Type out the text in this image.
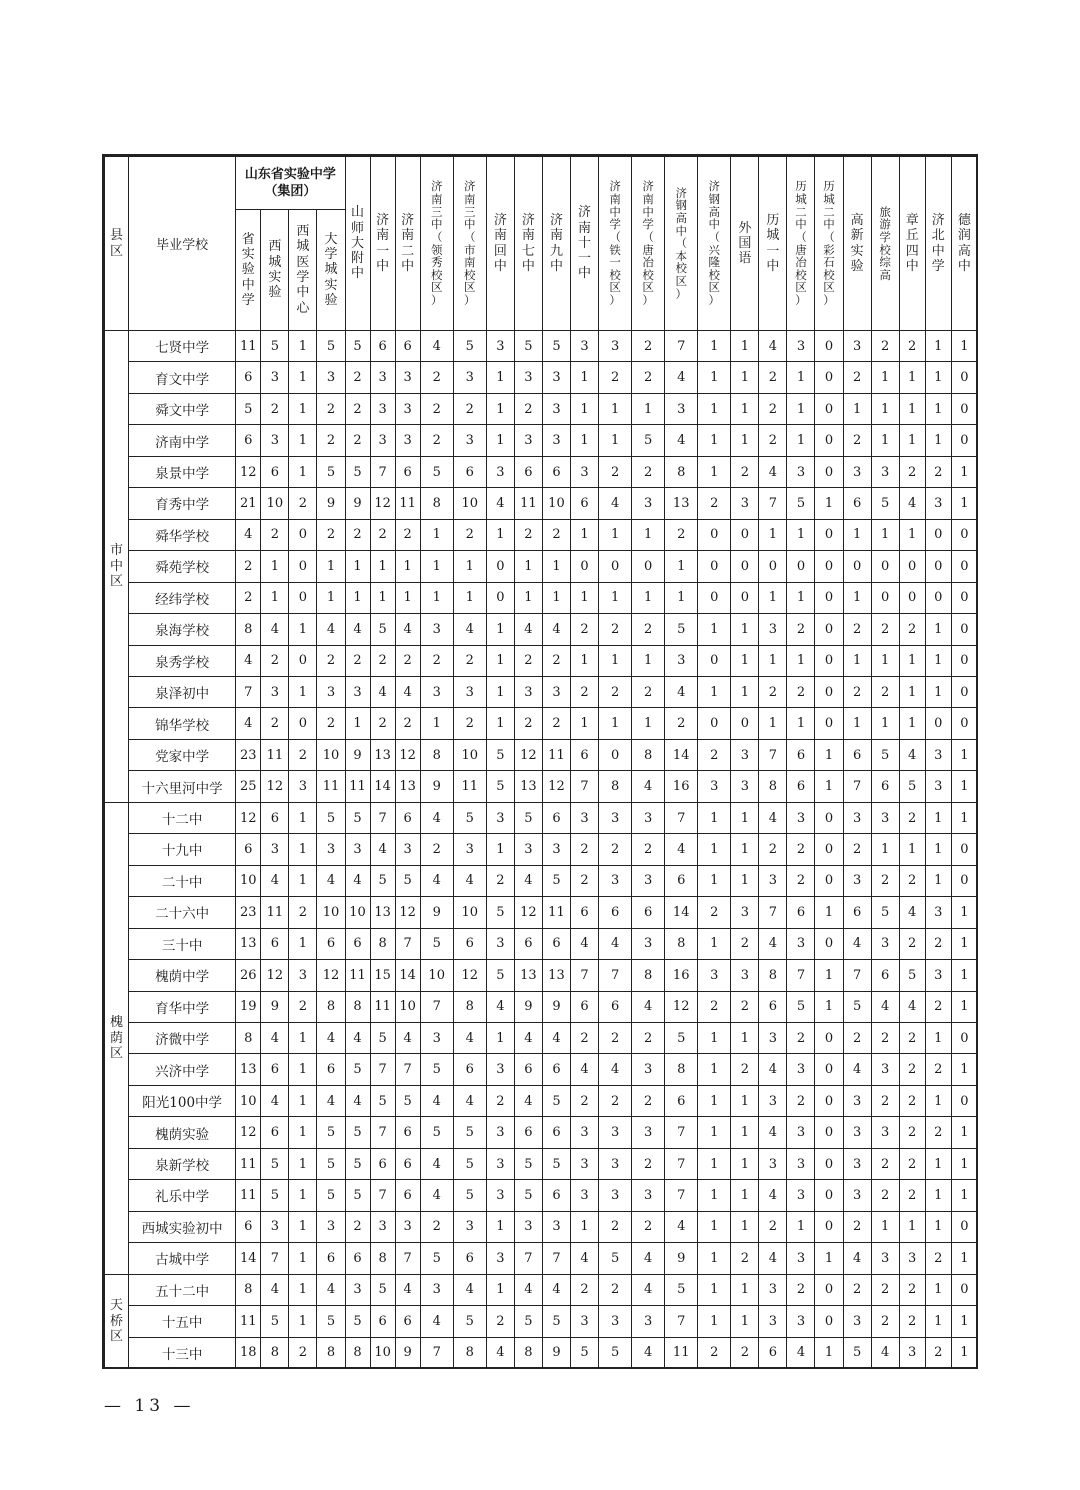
县区	毕业学校	山东省实验中学（集团）				山师大附中	济南一中	济南二中	济南三中（领秀校区）	济南三中（市南校区）	济南回中	济南七中	济南九中	济南十一中	济南中学（铁一校区）	济南中学（唐冶校区）	济钢高中（本校区）	济钢高中（兴隆校区）	外国语	历城一中	历城二中（唐冶校区）	历城二中（彩石校区）	高新实验	旅游学校综高	章丘四中	济北中学	德润高中

		省实验中学	西城实验	西城医学中心	大学城实验																						

市中区	七贤中学	11	5	1	5	5	6	6	4	5	3	5	5	3	3	2	7	1	1	4	3	0	3	2	2	1	1
	育文中学	6	3	1	3	2	3	3	2	3	1	3	3	1	2	2	4	1	1	2	1	0	2	1	1	1	0
	舜文中学	5	2	1	2	2	3	3	2	2	1	2	3	1	1	1	3	1	1	2	1	0	1	1	1	1	0
	济南中学	6	3	1	2	2	3	3	2	3	1	3	3	1	1	5	4	1	1	2	1	0	2	1	1	1	0
	泉景中学	12	6	1	5	5	7	6	5	6	3	6	6	3	2	2	8	1	2	4	3	0	3	3	2	2	1
	育秀中学	21	10	2	9	9	12	11	8	10	4	11	10	6	4	3	13	2	3	7	5	1	6	5	4	3	1
	舜华学校	4	2	0	2	2	2	2	1	2	1	2	2	1	1	1	2	0	0	1	1	0	1	1	1	0	0
	舜苑学校	2	1	0	1	1	1	1	1	1	0	1	1	0	0	0	1	0	0	0	0	0	0	0	0	0	0
	经纬学校	2	1	0	1	1	1	1	1	1	0	1	1	1	1	1	1	0	0	1	1	0	1	0	0	0	0
	泉海学校	8	4	1	4	4	5	4	3	4	1	4	4	2	2	2	5	1	1	3	2	0	2	2	2	1	0
	泉秀学校	4	2	0	2	2	2	2	2	2	1	2	2	1	1	1	3	0	1	1	1	0	1	1	1	1	0
	泉泽初中	7	3	1	3	3	4	4	3	3	1	3	3	2	2	2	4	1	1	2	2	0	2	2	1	1	0
	锦华学校	4	2	0	2	1	2	2	1	2	1	2	2	1	1	1	2	0	0	1	1	0	1	1	1	0	0
	党家中学	23	11	2	10	9	13	12	8	10	5	12	11	6	0	8	14	2	3	7	6	1	6	5	4	3	1
	十六里河中学	25	12	3	11	11	14	13	9	11	5	13	12	7	8	4	16	3	3	8	6	1	7	6	5	3	1

槐荫区	十二中	12	6	1	5	5	7	6	4	5	3	5	6	3	3	3	7	1	1	4	3	0	3	3	2	1	1
	十九中	6	3	1	3	3	4	3	2	3	1	3	3	2	2	2	4	1	1	2	2	0	2	1	1	1	0
	二十中	10	4	1	4	4	5	5	4	4	2	4	5	2	3	3	6	1	1	3	2	0	3	2	2	1	0
	二十六中	23	11	2	10	10	13	12	9	10	5	12	11	6	6	6	14	2	3	7	6	1	6	5	4	3	1
	三十中	13	6	1	6	6	8	7	5	6	3	6	6	4	4	3	8	1	2	4	3	0	4	3	2	2	1
	槐荫中学	26	12	3	12	11	15	14	10	12	5	13	13	7	7	8	16	3	3	8	7	1	7	6	5	3	1
	育华中学	19	9	2	8	8	11	10	7	8	4	9	9	6	6	4	12	2	2	6	5	1	5	4	4	2	1
	济微中学	8	4	1	4	4	5	4	3	4	1	4	4	2	2	2	5	1	1	3	2	0	2	2	2	1	0
	兴济中学	13	6	1	6	5	7	7	5	6	3	6	6	4	4	3	8	1	2	4	3	0	4	3	2	2	1
	阳光100中学	10	4	1	4	4	5	5	4	4	2	4	5	2	2	2	6	1	1	3	2	0	3	2	2	1	0
	槐荫实验	12	6	1	5	5	7	6	5	5	3	6	6	3	3	3	7	1	1	4	3	0	3	3	2	2	1
	泉新学校	11	5	1	5	5	6	6	4	5	3	5	5	3	3	2	7	1	1	3	3	0	3	2	2	1	1
	礼乐中学	11	5	1	5	5	7	6	4	5	3	5	6	3	3	3	7	1	1	4	3	0	3	2	2	1	1
	西城实验初中	6	3	1	3	2	3	3	2	3	1	3	3	1	2	2	4	1	1	2	1	0	2	1	1	1	0
	古城中学	14	7	1	6	6	8	7	5	6	3	7	7	4	5	4	9	1	2	4	3	1	4	3	3	2	1

天桥区	五十二中	8	4	1	4	3	5	4	3	4	1	4	4	2	2	4	5	1	1	3	2	0	2	2	2	1	0
	十五中	11	5	1	5	5	6	6	4	5	2	5	5	3	3	3	7	1	1	3	3	0	3	2	2	1	1
	十三中	18	8	2	8	8	10	9	7	8	4	8	9	5	5	4	11	2	2	6	4	1	5	4	3	2	1
— 13 —
